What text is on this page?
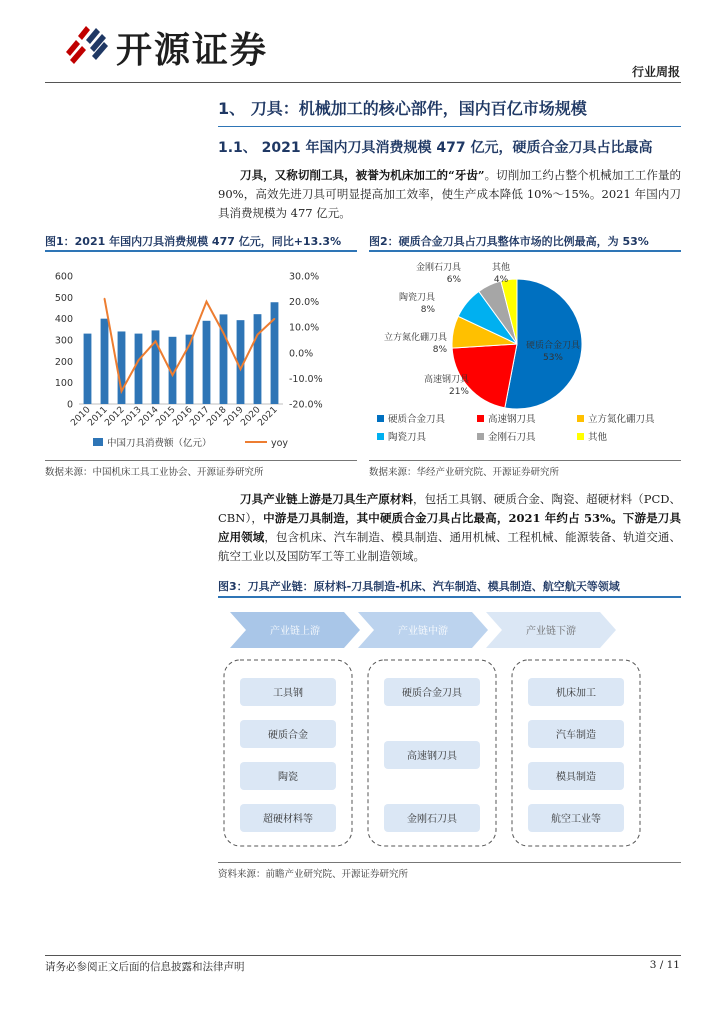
开源证券
行业周报
1、 刀具：机械加工的核心部件，国内百亿市场规模
1.1、 2021 年国内刀具消费规模 477 亿元，硬质合金刀具占比最高
刀具，又称切削工具，被誉为机床加工的“牙齿”。切削加工约占整个机械加工工作量的 90%，高效先进刀具可明显提高加工效率，使生产成本降低 10%～15%。2021 年国内刀具消费规模为 477 亿元。
图1：2021 年国内刀具消费规模 477 亿元，同比+13.3%
0
100
200
300
400
500
600
-20.0%
-10.0%
0.0%
10.0%
20.0%
30.0%
2010
2011
2012
2013
2014
2015
2016
2017
2018
2019
2020
2021
中国刀具消费额（亿元）	yoy
数据来源：中国机床工具工业协会、开源证券研究所
图2：硬质合金刀具占刀具整体市场的比例最高，为 53%
硬质合金刀具
53%
高速钢刀具
21%
立方氮化硼刀具
8%
陶瓷刀具
8%
金刚石刀具
6%
其他
4%
硬质合金刀具	高速钢刀具	立方氮化硼刀具
陶瓷刀具	金刚石刀具	其他
数据来源：华经产业研究院、开源证券研究所
刀具产业链上游是刀具生产原材料，包括工具钢、硬质合金、陶瓷、超硬材料（PCD、CBN），中游是刀具制造，其中硬质合金刀具占比最高，2021 年约占 53%。下游是刀具应用领域，包含机床、汽车制造、模具制造、通用机械、工程机械、能源装备、轨道交通、航空工业以及国防军工等工业制造领域。
图3：刀具产业链：原材料-刀具制造-机床、汽车制造、模具制造、航空航天等领域
产业链上游	产业链中游	产业链下游
工具钢
硬质合金
陶瓷
超硬材料等
硬质合金刀具
高速钢刀具
金刚石刀具
机床加工
汽车制造
模具制造
航空工业等
资料来源：前瞻产业研究院、开源证券研究所
请务必参阅正文后面的信息披露和法律声明	3 / 11
